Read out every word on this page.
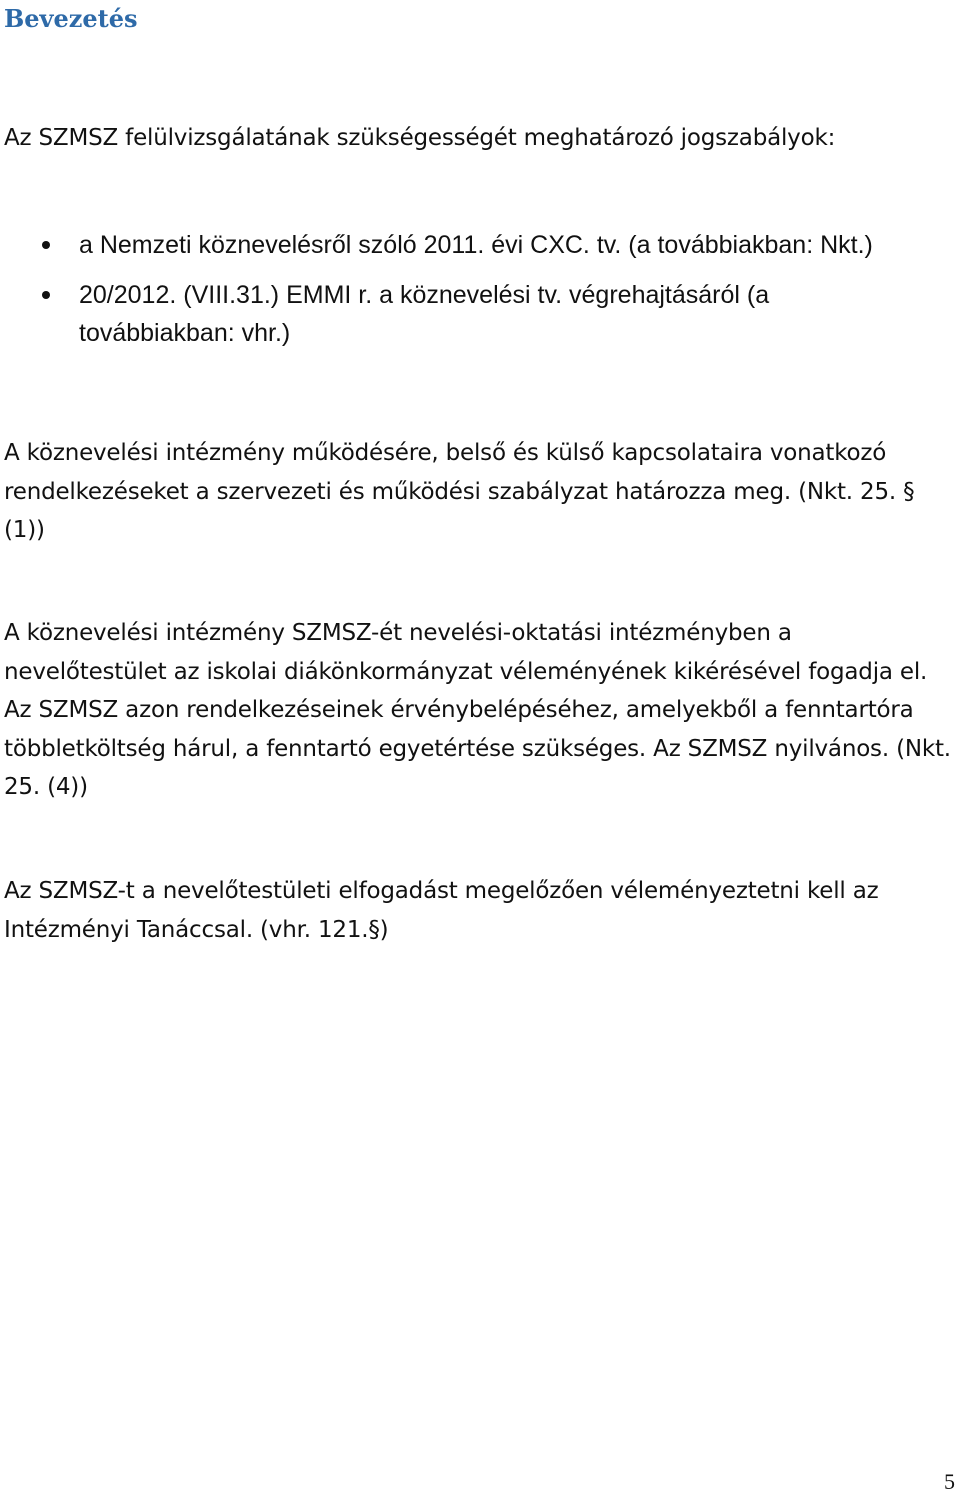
Bevezetés

Az SZMSZ felülvizsgálatának szükségességét meghatározó jogszabályok:

a Nemzeti köznevelésről szóló 2011. évi CXC. tv. (a továbbiakban: Nkt.)
20/2012. (VIII.31.) EMMI r. a köznevelési tv. végrehajtásáról (a továbbiakban: vhr.)

A köznevelési intézmény működésére, belső és külső kapcsolataira vonatkozó rendelkezéseket a szervezeti és működési szabályzat határozza meg. (Nkt. 25. § (1))

A köznevelési intézmény SZMSZ-ét nevelési-oktatási intézményben a nevelőtestület az iskolai diákönkormányzat véleményének kikérésével fogadja el. Az SZMSZ azon rendelkezéseinek érvénybelépéséhez, amelyekből a fenntartóra többletköltség hárul, a fenntartó egyetértése szükséges. Az SZMSZ nyilvános. (Nkt. 25. (4))

Az SZMSZ-t a nevelőtestületi elfogadást megelőzően véleményeztetni kell az Intézményi Tanáccsal. (vhr. 121.§)

5
